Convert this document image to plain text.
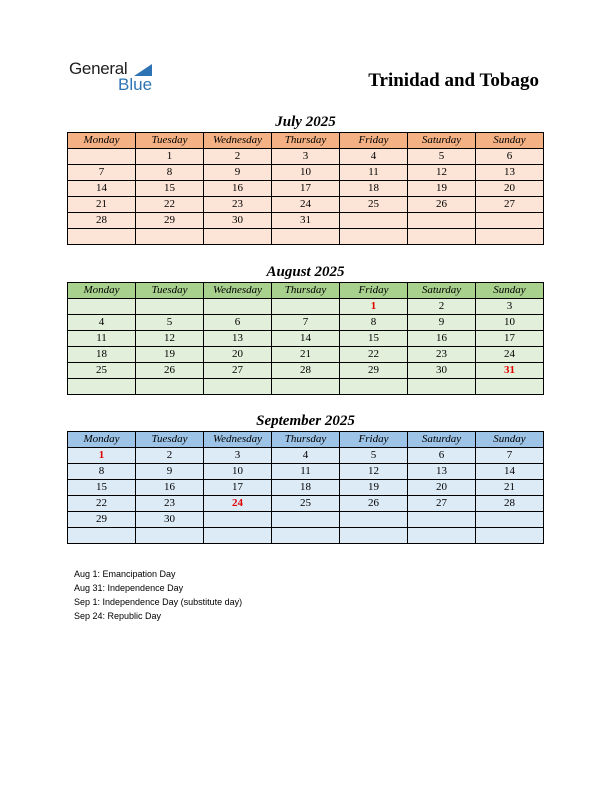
General
Blue	Trinidad and Tobago
July 2025
Monday	Tuesday	Wednesday	Thursday	Friday	Saturday	Sunday
	1	2	3	4	5	6
7	8	9	10	11	12	13
14	15	16	17	18	19	20
21	22	23	24	25	26	27
28	29	30	31			

August 2025
Monday	Tuesday	Wednesday	Thursday	Friday	Saturday	Sunday
				1	2	3
4	5	6	7	8	9	10
11	12	13	14	15	16	17
18	19	20	21	22	23	24
25	26	27	28	29	30	31

September 2025
Monday	Tuesday	Wednesday	Thursday	Friday	Saturday	Sunday
1	2	3	4	5	6	7
8	9	10	11	12	13	14
15	16	17	18	19	20	21
22	23	24	25	26	27	28
29	30					

Aug 1: Emancipation Day
Aug 31: Independence Day
Sep 1: Independence Day (substitute day)
Sep 24: Republic Day
